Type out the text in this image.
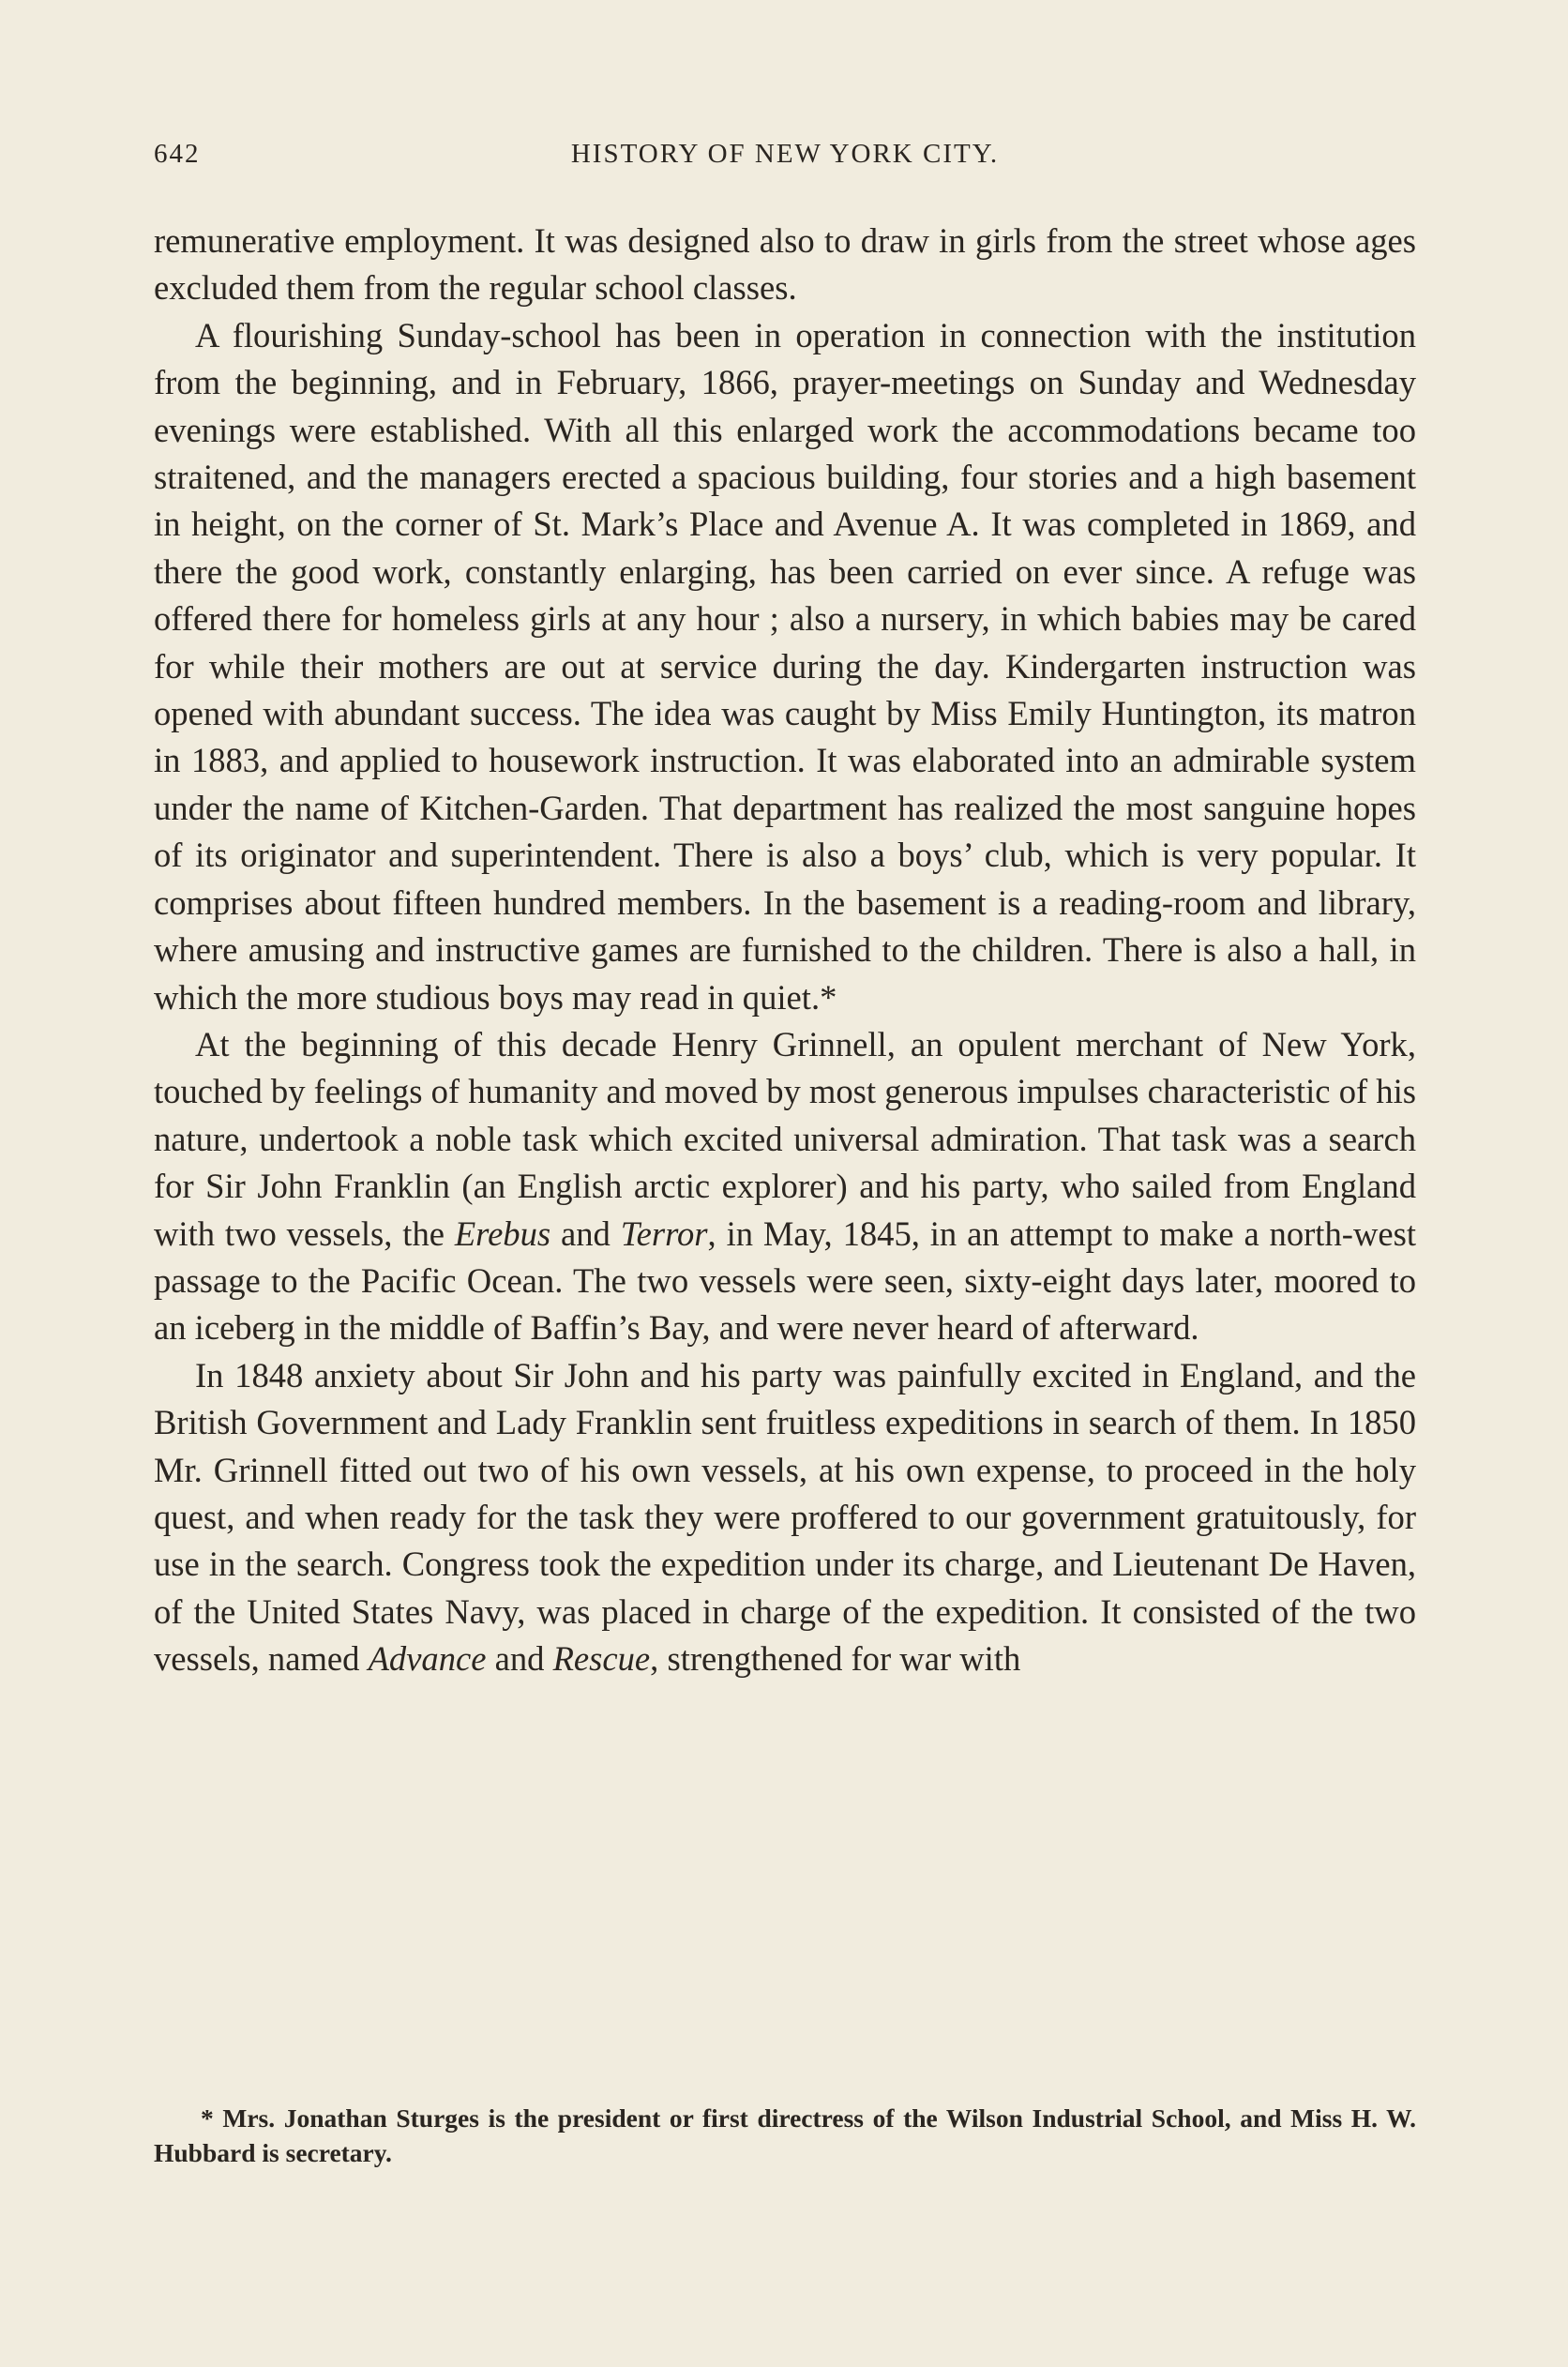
642	HISTORY OF NEW YORK CITY.

remunerative employment. It was designed also to draw in girls from the street whose ages excluded them from the regular school classes.

A flourishing Sunday-school has been in operation in connection with the institution from the beginning, and in February, 1866, prayer-meetings on Sunday and Wednesday evenings were established. With all this enlarged work the accommodations became too straitened, and the managers erected a spacious building, four stories and a high basement in height, on the corner of St. Mark’s Place and Avenue A. It was completed in 1869, and there the good work, constantly enlarging, has been carried on ever since. A refuge was offered there for homeless girls at any hour ; also a nursery, in which babies may be cared for while their mothers are out at service during the day. Kindergarten instruction was opened with abundant success. The idea was caught by Miss Emily Huntington, its matron in 1883, and applied to housework instruction. It was elaborated into an admirable system under the name of Kitchen-Garden. That department has realized the most sanguine hopes of its originator and superintendent. There is also a boys’ club, which is very popular. It comprises about fifteen hundred members. In the basement is a reading-room and library, where amusing and instructive games are furnished to the children. There is also a hall, in which the more studious boys may read in quiet.*

At the beginning of this decade Henry Grinnell, an opulent merchant of New York, touched by feelings of humanity and moved by most generous impulses characteristic of his nature, undertook a noble task which excited universal admiration. That task was a search for Sir John Franklin (an English arctic explorer) and his party, who sailed from England with two vessels, the Erebus and Terror, in May, 1845, in an attempt to make a north-west passage to the Pacific Ocean. The two vessels were seen, sixty-eight days later, moored to an iceberg in the middle of Baffin’s Bay, and were never heard of afterward.

In 1848 anxiety about Sir John and his party was painfully excited in England, and the British Government and Lady Franklin sent fruitless expeditions in search of them. In 1850 Mr. Grinnell fitted out two of his own vessels, at his own expense, to proceed in the holy quest, and when ready for the task they were proffered to our government gratuitously, for use in the search. Congress took the expedition under its charge, and Lieutenant De Haven, of the United States Navy, was placed in charge of the expedition. It consisted of the two vessels, named Advance and Rescue, strengthened for war with

* Mrs. Jonathan Sturges is the president or first directress of the Wilson Industrial School, and Miss H. W. Hubbard is secretary.
